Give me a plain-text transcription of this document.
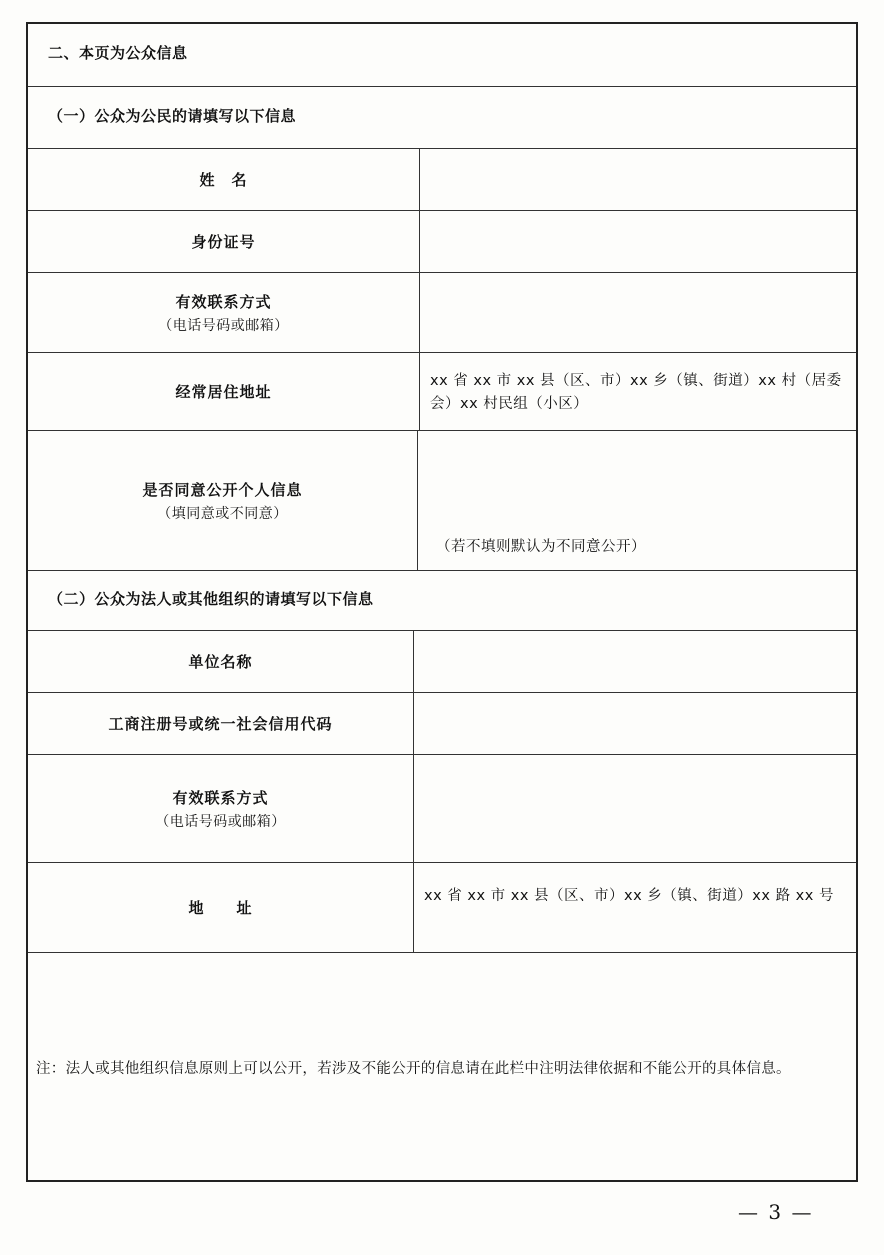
二、本页为公众信息
（一）公众为公民的请填写以下信息
姓　名
身份证号
有效联系方式
（电话号码或邮箱）
经常居住地址
xx 省 xx 市 xx 县（区、市）xx 乡（镇、街道）xx 村（居委会）xx 村民组（小区）
是否同意公开个人信息
（填同意或不同意）
（若不填则默认为不同意公开）
（二）公众为法人或其他组织的请填写以下信息
单位名称
工商注册号或统一社会信用代码
有效联系方式
（电话号码或邮箱）
地　　址
xx 省 xx 市 xx 县（区、市）xx 乡（镇、街道）xx 路 xx 号
注：法人或其他组织信息原则上可以公开，若涉及不能公开的信息请在此栏中注明法律依据和不能公开的具体信息。
— 3 —
